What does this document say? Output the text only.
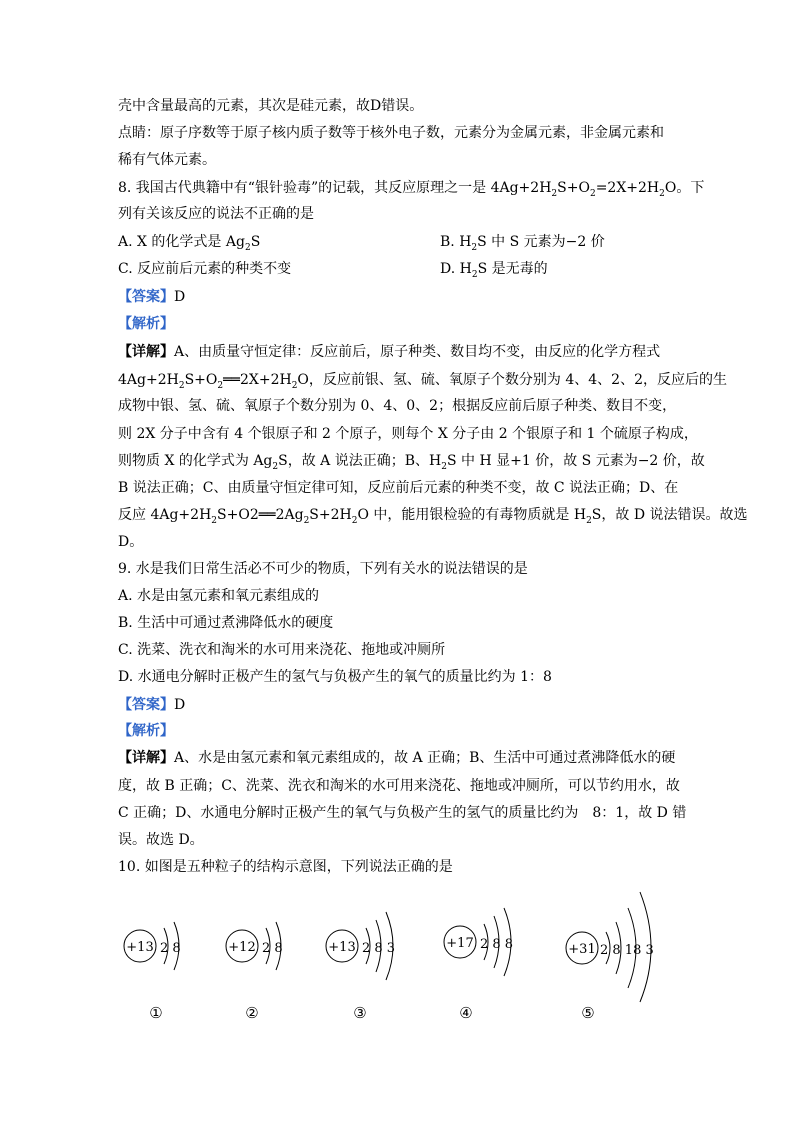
壳中含量最高的元素，其次是硅元素，故D错误。
点睛：原子序数等于原子核内质子数等于核外电子数，元素分为金属元素，非金属元素和
稀有气体元素。
8. 我国古代典籍中有“银针验毒”的记载，其反应原理之一是 $4Ag+2H_2S+O_2=2X+2H_2O$。下
列有关该反应的说法不正确的是
A. X 的化学式是 $Ag_2S$	B. $H_2S$ 中 S 元素为−2 价
C. 反应前后元素的种类不变	D. $H_2S$ 是无毒的
【答案】D
【解析】
【详解】A、由质量守恒定律：反应前后，原子种类、数目均不变，由反应的化学方程式
$4Ag+2H_2S+O_2══2X+2H_2O$，反应前银、氢、硫、氧原子个数分别为 4、4、2、2，反应后的生
成物中银、氢、硫、氧原子个数分别为 0、4、0、2；根据反应前后原子种类、数目不变，
则 2X 分子中含有 4 个银原子和 2 个原子，则每个 X 分子由 2 个银原子和 1 个硫原子构成，
则物质 X 的化学式为 $Ag_2S$，故 A 说法正确；B、$H_2S$ 中 H 显+1 价，故 S 元素为−2 价，故
B 说法正确；C、由质量守恒定律可知，反应前后元素的种类不变，故 C 说法正确；D、在
反应 $4Ag+2H_2S+O2══2Ag_2S+2H_2O$ 中，能用银检验的有毒物质就是 $H_2S$，故 D 说法错误。故选
D。
9. 水是我们日常生活必不可少的物质，下列有关水的说法错误的是
A. 水是由氢元素和氧元素组成的
B. 生活中可通过煮沸降低水的硬度
C. 洗菜、洗衣和淘米的水可用来浇花、拖地或冲厕所
D. 水通电分解时正极产生的氢气与负极产生的氧气的质量比约为 1：8
【答案】D
【解析】
【详解】A、水是由氢元素和氧元素组成的，故 A 正确；B、生活中可通过煮沸降低水的硬
度，故 B 正确；C、洗菜、洗衣和淘米的水可用来浇花、拖地或冲厕所，可以节约用水，故
C 正确；D、水通电分解时正极产生的氧气与负极产生的氢气的质量比约为　8：1，故 D 错
误。故选 D。
10. 如图是五种粒子的结构示意图，下列说法正确的是
+13 2 8	+12 2 8	+13 2 8 3	+17 2 8 8	+31 2 8 18 3
①	②	③	④	⑤
